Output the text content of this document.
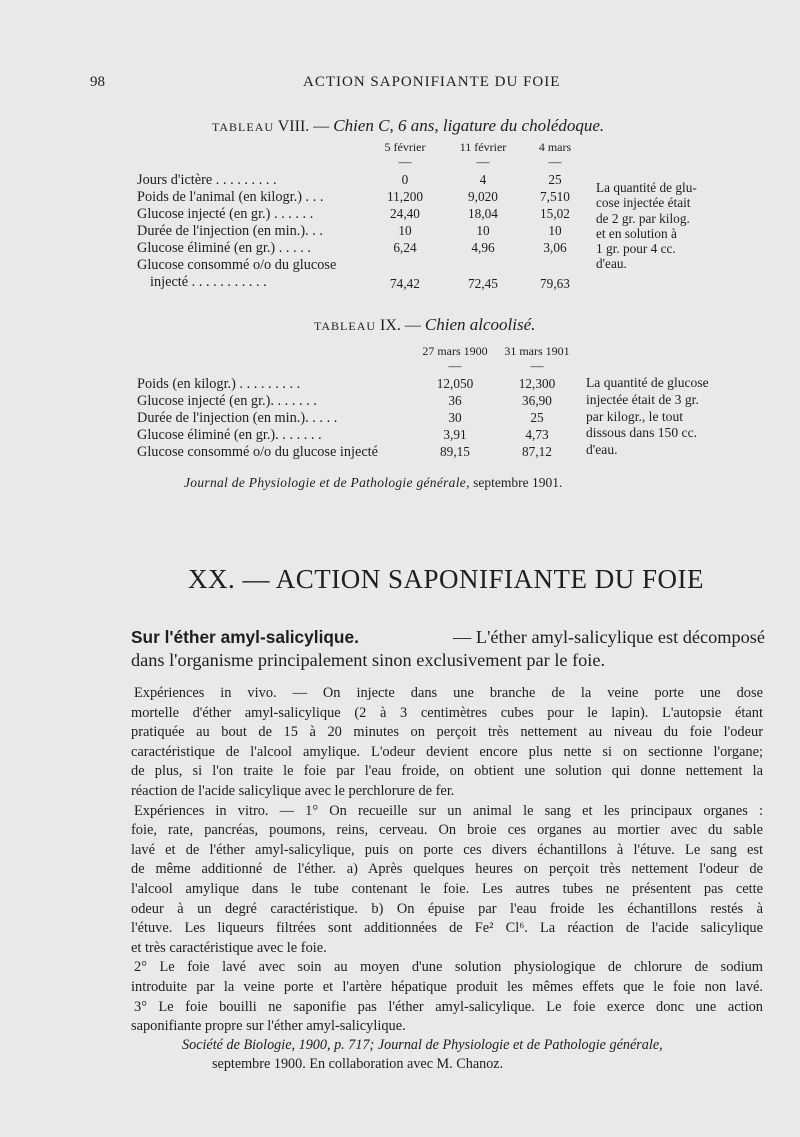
98	ACTION SAPONIFIANTE DU FOIE
TABLEAU VIII. — Chien C, 6 ans, ligature du cholédoque.
5 février	11 février	4 mars
—	—	—
Jours d'ictère . . . . . . . . .	0	4	25
Poids de l'animal (en kilogr.) . . .	11,200	9,020	7,510
Glucose injecté (en gr.) . . . . . .	24,40	18,04	15,02
Durée de l'injection (en min.). . .	10	10	10
Glucose éliminé (en gr.) . . . . .	6,24	4,96	3,06
Glucose consommé o/o du glucose
injecté . . . . . . . . . . .	74,42	72,45	79,63
La quantité de glu-
cose injectée était
de 2 gr. par kilog.
et en solution à
1 gr. pour 4 cc.
d'eau.
TABLEAU IX. — Chien alcoolisé.
27 mars 1900	31 mars 1901
—	—
Poids (en kilogr.) . . . . . . . . .	12,050	12,300
Glucose injecté (en gr.). . . . . . .	36	36,90
Durée de l'injection (en min.). . . . .	30	25
Glucose éliminé (en gr.). . . . . . .	3,91	4,73
Glucose consommé o/o du glucose injecté	89,15	87,12
La quantité de glucose
injectée était de 3 gr.
par kilogr., le tout
dissous dans 150 cc.
d'eau.
Journal de Physiologie et de Pathologie générale, septembre 1901.
XX. — ACTION SAPONIFIANTE DU FOIE
Sur l'éther amyl-salicylique.	— L'éther amyl-salicylique est décomposé
dans l'organisme principalement sinon exclusivement par le foie.
Expériences in vivo. — On injecte dans une branche de la veine porte une dose
mortelle d'éther amyl-salicylique (2 à 3 centimètres cubes pour le lapin). L'autopsie étant
pratiquée au bout de 15 à 20 minutes on perçoit très nettement au niveau du foie l'odeur
caractéristique de l'alcool amylique. L'odeur devient encore plus nette si on sectionne l'organe;
de plus, si l'on traite le foie par l'eau froide, on obtient une solution qui donne nettement la
réaction de l'acide salicylique avec le perchlorure de fer.
Expériences in vitro. — 1° On recueille sur un animal le sang et les principaux organes :
foie, rate, pancréas, poumons, reins, cerveau. On broie ces organes au mortier avec du sable
lavé et de l'éther amyl-salicylique, puis on porte ces divers échantillons à l'étuve. Le sang est
de même additionné de l'éther. a) Après quelques heures on perçoit très nettement l'odeur de
l'alcool amylique dans le tube contenant le foie. Les autres tubes ne présentent pas cette
odeur à un degré caractéristique. b) On épuise par l'eau froide les échantillons restés à
l'étuve. Les liqueurs filtrées sont additionnées de Fe² Cl⁶. La réaction de l'acide salicylique
et très caractéristique avec le foie.
2° Le foie lavé avec soin au moyen d'une solution physiologique de chlorure de sodium
introduite par la veine porte et l'artère hépatique produit les mêmes effets que le foie non lavé.
3° Le foie bouilli ne saponifie pas l'éther amyl-salicylique. Le foie exerce donc une action
saponifiante propre sur l'éther amyl-salicylique.
Société de Biologie, 1900, p. 717; Journal de Physiologie et de Pathologie générale,
septembre 1900. En collaboration avec M. Chanoz.
